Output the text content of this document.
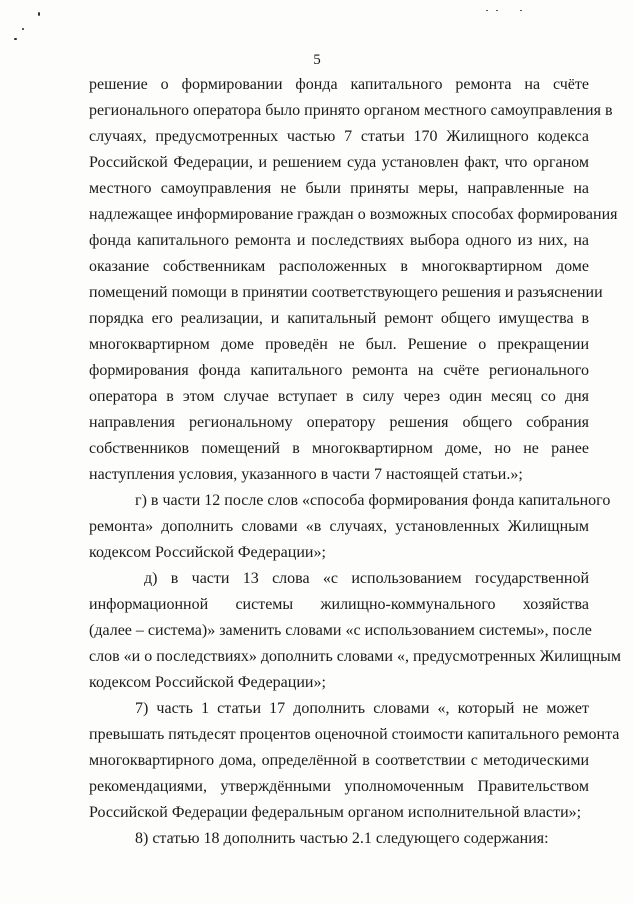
5
решение о формировании фонда капитального ремонта на счёте
регионального оператора было принято органом местного самоуправления в
случаях, предусмотренных частью 7 статьи 170 Жилищного кодекса
Российской Федерации, и решением суда установлен факт, что органом
местного самоуправления не были приняты меры, направленные на
надлежащее информирование граждан о возможных способах формирования
фонда капитального ремонта и последствиях выбора одного из них, на
оказание собственникам расположенных в многоквартирном доме
помещений помощи в принятии соответствующего решения и разъяснении
порядка его реализации, и капитальный ремонт общего имущества в
многоквартирном доме проведён не был. Решение о прекращении
формирования фонда капитального ремонта на счёте регионального
оператора в этом случае вступает в силу через один месяц со дня
направления региональному оператору решения общего собрания
собственников помещений в многоквартирном доме, но не ранее
наступления условия, указанного в части 7 настоящей статьи.»;
г) в части 12 после слов «способа формирования фонда капитального
ремонта» дополнить словами «в случаях, установленных Жилищным
кодексом Российской Федерации»;
д) в части 13 слова «с использованием государственной
информационной системы жилищно-коммунального хозяйства
(далее – система)» заменить словами «с использованием системы», после
слов «и о последствиях» дополнить словами «, предусмотренных Жилищным
кодексом Российской Федерации»;
7) часть 1 статьи 17 дополнить словами «, который не может
превышать пятьдесят процентов оценочной стоимости капитального ремонта
многоквартирного дома, определённой в соответствии с методическими
рекомендациями, утверждёнными уполномоченным Правительством
Российской Федерации федеральным органом исполнительной власти»;
8) статью 18 дополнить частью 2.1 следующего содержания:
